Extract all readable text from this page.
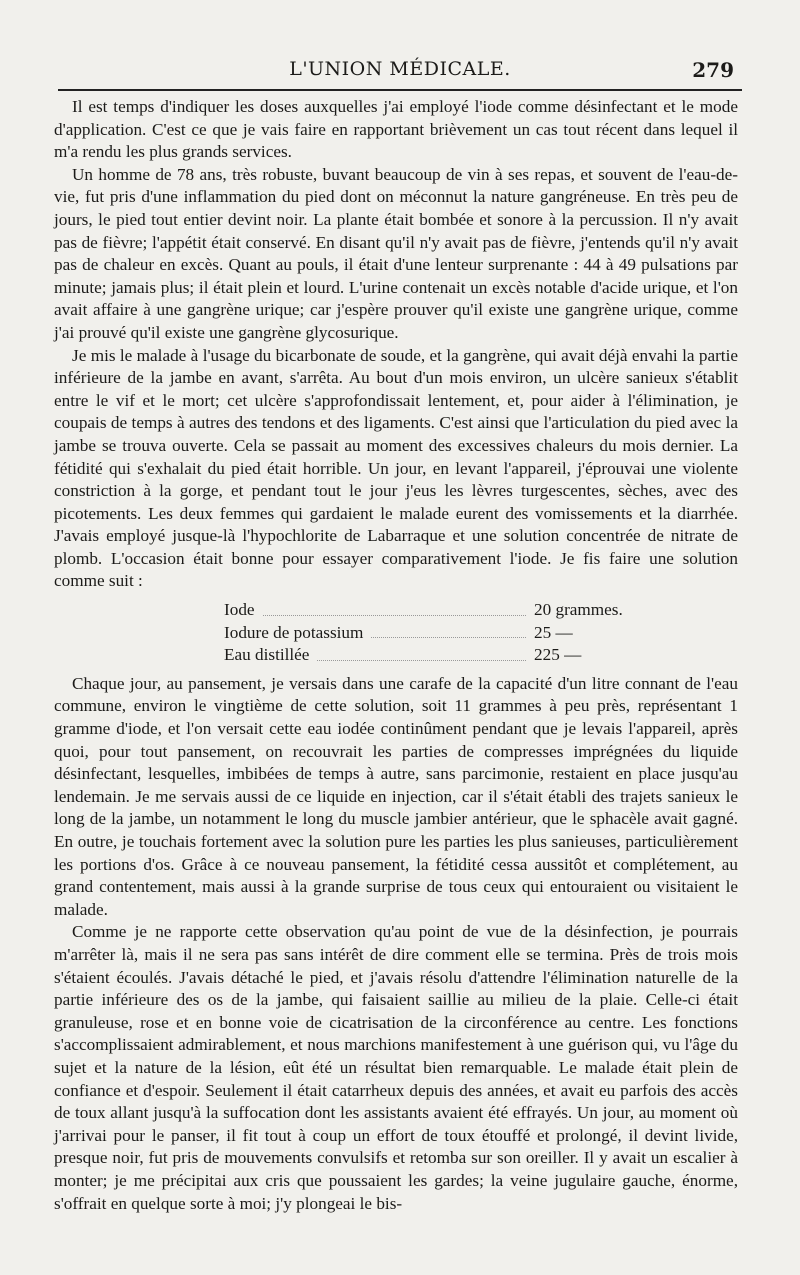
L'UNION MÉDICALE.	279

Il est temps d'indiquer les doses auxquelles j'ai employé l'iode comme désinfectant et le mode d'application. C'est ce que je vais faire en rapportant brièvement un cas tout récent dans lequel il m'a rendu les plus grands services.

Un homme de 78 ans, très robuste, buvant beaucoup de vin à ses repas, et souvent de l'eau-de-vie, fut pris d'une inflammation du pied dont on méconnut la nature gangréneuse. En très peu de jours, le pied tout entier devint noir. La plante était bombée et sonore à la percussion. Il n'y avait pas de fièvre; l'appétit était conservé. En disant qu'il n'y avait pas de fièvre, j'entends qu'il n'y avait pas de chaleur en excès. Quant au pouls, il était d'une lenteur surprenante : 44 à 49 pulsations par minute; jamais plus; il était plein et lourd. L'urine contenait un excès notable d'acide urique, et l'on avait affaire à une gangrène urique; car j'espère prouver qu'il existe une gangrène urique, comme j'ai prouvé qu'il existe une gangrène glycosurique.

Je mis le malade à l'usage du bicarbonate de soude, et la gangrène, qui avait déjà envahi la partie inférieure de la jambe en avant, s'arrêta. Au bout d'un mois environ, un ulcère sanieux s'établit entre le vif et le mort; cet ulcère s'approfondissait lentement, et, pour aider à l'élimination, je coupais de temps à autres des tendons et des ligaments. C'est ainsi que l'articulation du pied avec la jambe se trouva ouverte. Cela se passait au moment des excessives chaleurs du mois dernier. La fétidité qui s'exhalait du pied était horrible. Un jour, en levant l'appareil, j'éprouvai une violente constriction à la gorge, et pendant tout le jour j'eus les lèvres turgescentes, sèches, avec des picotements. Les deux femmes qui gardaient le malade eurent des vomissements et la diarrhée. J'avais employé jusque-là l'hypochlorite de Labarraque et une solution concentrée de nitrate de plomb. L'occasion était bonne pour essayer comparativement l'iode. Je fis faire une solution comme suit :

Iode	20 grammes.
Iodure de potassium	25 —
Eau distillée	225 —

Chaque jour, au pansement, je versais dans une carafe de la capacité d'un litre connant de l'eau commune, environ le vingtième de cette solution, soit 11 grammes à peu près, représentant 1 gramme d'iode, et l'on versait cette eau iodée continûment pendant que je levais l'appareil, après quoi, pour tout pansement, on recouvrait les parties de compresses imprégnées du liquide désinfectant, lesquelles, imbibées de temps à autre, sans parcimonie, restaient en place jusqu'au lendemain. Je me servais aussi de ce liquide en injection, car il s'était établi des trajets sanieux le long de la jambe, un notamment le long du muscle jambier antérieur, que le sphacèle avait gagné. En outre, je touchais fortement avec la solution pure les parties les plus sanieuses, particulièrement les portions d'os. Grâce à ce nouveau pansement, la fétidité cessa aussitôt et complétement, au grand contentement, mais aussi à la grande surprise de tous ceux qui entouraient ou visitaient le malade.

Comme je ne rapporte cette observation qu'au point de vue de la désinfection, je pourrais m'arrêter là, mais il ne sera pas sans intérêt de dire comment elle se termina. Près de trois mois s'étaient écoulés. J'avais détaché le pied, et j'avais résolu d'attendre l'élimination naturelle de la partie inférieure des os de la jambe, qui faisaient saillie au milieu de la plaie. Celle-ci était granuleuse, rose et en bonne voie de cicatrisation de la circonférence au centre. Les fonctions s'accomplissaient admirablement, et nous marchions manifestement à une guérison qui, vu l'âge du sujet et la nature de la lésion, eût été un résultat bien remarquable. Le malade était plein de confiance et d'espoir. Seulement il était catarrheux depuis des années, et avait eu parfois des accès de toux allant jusqu'à la suffocation dont les assistants avaient été effrayés. Un jour, au moment où j'arrivai pour le panser, il fit tout à coup un effort de toux étouffé et prolongé, il devint livide, presque noir, fut pris de mouvements convulsifs et retomba sur son oreiller. Il y avait un escalier à monter; je me précipitai aux cris que poussaient les gardes; la veine jugulaire gauche, énorme, s'offrait en quelque sorte à moi; j'y plongeai le bis-
